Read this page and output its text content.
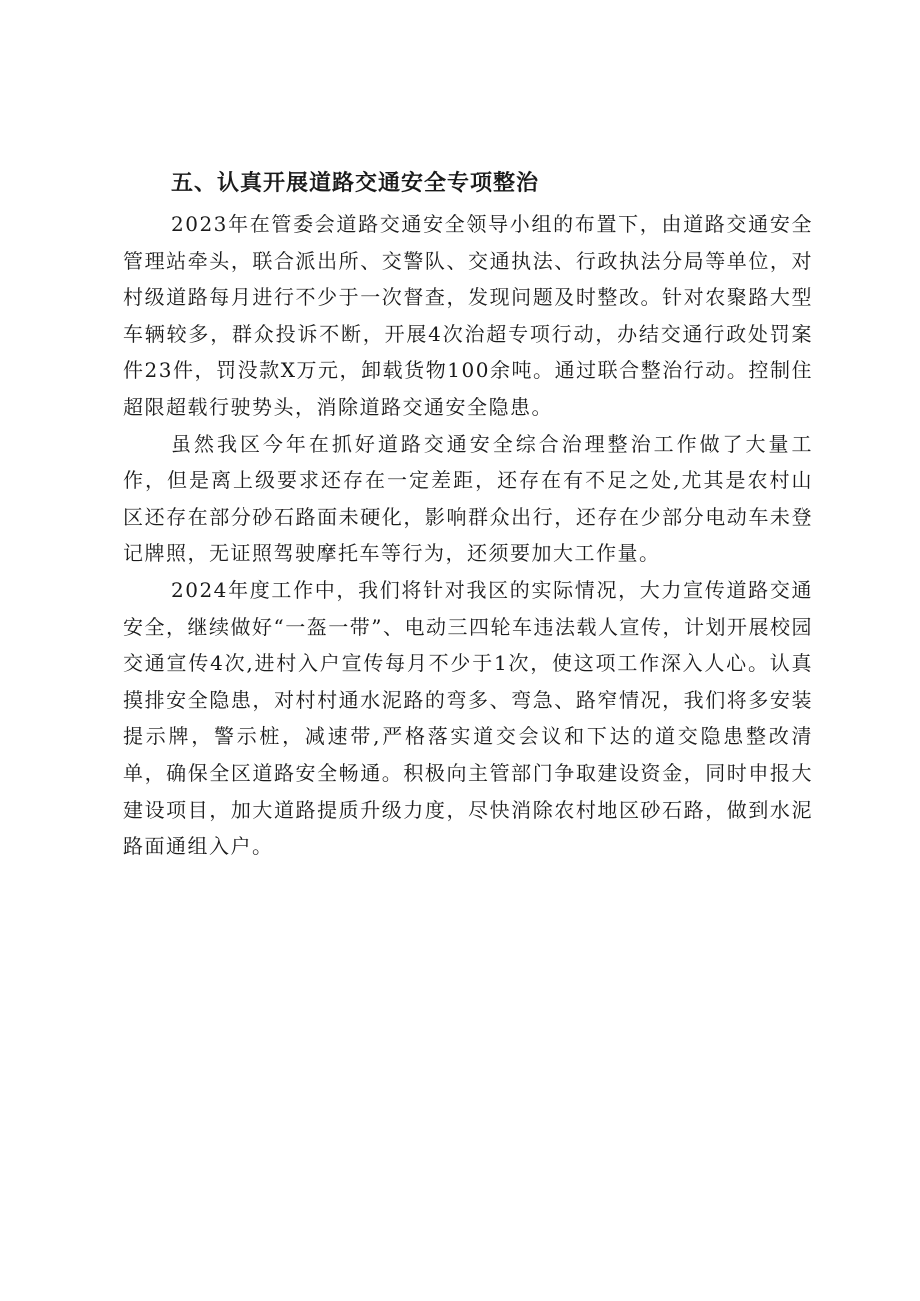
五、认真开展道路交通安全专项整治

2023年在管委会道路交通安全领导小组的布置下，由道路交通安全管理站牵头，联合派出所、交警队、交通执法、行政执法分局等单位，对村级道路每月进行不少于一次督查，发现问题及时整改。针对农聚路大型车辆较多，群众投诉不断，开展4次治超专项行动，办结交通行政处罚案件23件，罚没款X万元，卸载货物100余吨。通过联合整治行动。控制住超限超载行驶势头，消除道路交通安全隐患。

虽然我区今年在抓好道路交通安全综合治理整治工作做了大量工作，但是离上级要求还存在一定差距，还存在有不足之处,尤其是农村山区还存在部分砂石路面未硬化，影响群众出行，还存在少部分电动车未登记牌照，无证照驾驶摩托车等行为，还须要加大工作量。

2024年度工作中，我们将针对我区的实际情况，大力宣传道路交通安全，继续做好“一盔一带”、电动三四轮车违法载人宣传，计划开展校园交通宣传4次,进村入户宣传每月不少于1次，使这项工作深入人心。认真摸排安全隐患，对村村通水泥路的弯多、弯急、路窄情况，我们将多安装提示牌，警示桩，减速带,严格落实道交会议和下达的道交隐患整改清单，确保全区道路安全畅通。积极向主管部门争取建设资金，同时申报大建设项目，加大道路提质升级力度，尽快消除农村地区砂石路，做到水泥路面通组入户。
